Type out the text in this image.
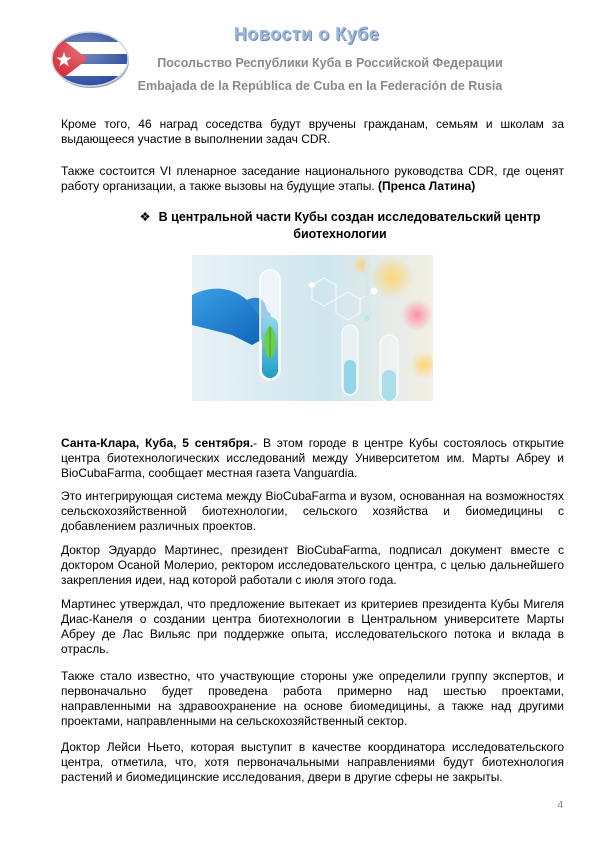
Новости о Кубе
Посольство Республики Куба в Российской Федерации
Embajada de la República de Cuba en la Federación de Rusia

Кроме того, 46 наград соседства будут вручены гражданам, семьям и школам за выдающееся участие в выполнении задач CDR.

Также состоится VI пленарное заседание национального руководства CDR, где оценят работу организации, а также вызовы на будущие этапы. (Пренса Латина)

❖ В центральной части Кубы создан исследовательский центр биотехнологии

Санта-Клара, Куба, 5 сентября.- В этом городе в центре Кубы состоялось открытие центра биотехнологических исследований между Университетом им. Марты Абреу и BioCubaFarma, сообщает местная газета Vanguardia.

Это интегрирующая система между BioCubaFarma и вузом, основанная на возможностях сельскохозяйственной биотехнологии, сельского хозяйства и биомедицины с добавлением различных проектов.

Доктор Эдуардо Мартинес, президент BioCubaFarma, подписал документ вместе с доктором Осаной Молерио, ректором исследовательского центра, с целью дальнейшего закрепления идеи, над которой работали с июля этого года.

Мартинес утверждал, что предложение вытекает из критериев президента Кубы Мигеля Диас-Канеля о создании центра биотехнологии в Центральном университете Марты Абреу де Лас Вильяс при поддержке опыта, исследовательского потока и вклада в отрасль.

Также стало известно, что участвующие стороны уже определили группу экспертов, и первоначально будет проведена работа примерно над шестью проектами, направленными на здравоохранение на основе биомедицины, а также над другими проектами, направленными на сельскохозяйственный сектор.

Доктор Лейси Ньето, которая выступит в качестве координатора исследовательского центра, отметила, что, хотя первоначальными направлениями будут биотехнология растений и биомедицинские исследования, двери в другие сферы не закрыты.

4
